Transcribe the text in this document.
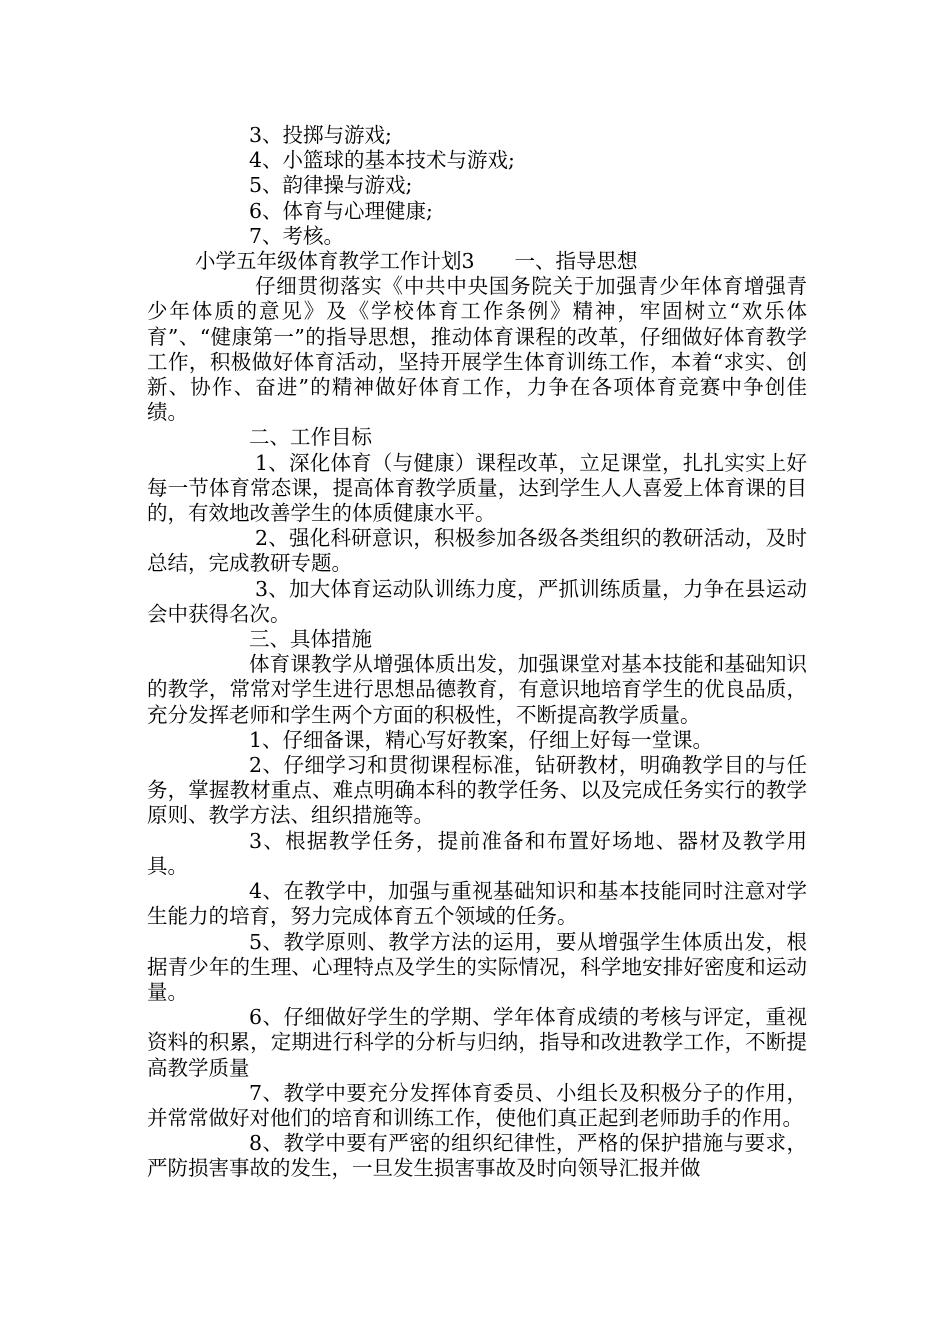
3、投掷与游戏;

4、小篮球的基本技术与游戏;

5、韵律操与游戏;

6、体育与心理健康;

7、考核。

小学五年级体育教学工作计划3 一、指导思想

仔细贯彻落实《中共中央国务院关于加强青少年体育增强青少年体质的意见》及《学校体育工作条例》精神，牢固树立“欢乐体育”、“健康第一”的指导思想，推动体育课程的改革，仔细做好体育教学工作，积极做好体育活动，坚持开展学生体育训练工作，本着“求实、创新、协作、奋进”的精神做好体育工作，力争在各项体育竞赛中争创佳绩。

二、工作目标

1、深化体育（与健康）课程改革，立足课堂，扎扎实实上好每一节体育常态课，提高体育教学质量，达到学生人人喜爱上体育课的目的，有效地改善学生的体质健康水平。

2、强化科研意识，积极参加各级各类组织的教研活动，及时总结，完成教研专题。

3、加大体育运动队训练力度，严抓训练质量，力争在县运动会中获得名次。

三、具体措施

体育课教学从增强体质出发，加强课堂对基本技能和基础知识的教学，常常对学生进行思想品德教育，有意识地培育学生的优良品质，充分发挥老师和学生两个方面的积极性，不断提高教学质量。

1、仔细备课，精心写好教案，仔细上好每一堂课。

2、仔细学习和贯彻课程标准，钻研教材，明确教学目的与任务，掌握教材重点、难点明确本科的教学任务、以及完成任务实行的教学原则、教学方法、组织措施等。

3、根据教学任务，提前准备和布置好场地、器材及教学用具。

4、在教学中，加强与重视基础知识和基本技能同时注意对学生能力的培育，努力完成体育五个领域的任务。

5、教学原则、教学方法的运用，要从增强学生体质出发，根据青少年的生理、心理特点及学生的实际情况，科学地安排好密度和运动量。

6、仔细做好学生的学期、学年体育成绩的考核与评定，重视资料的积累，定期进行科学的分析与归纳，指导和改进教学工作，不断提高教学质量

7、教学中要充分发挥体育委员、小组长及积极分子的作用，并常常做好对他们的培育和训练工作，使他们真正起到老师助手的作用。

8、教学中要有严密的组织纪律性，严格的保护措施与要求，严防损害事故的发生，一旦发生损害事故及时向领导汇报并做
